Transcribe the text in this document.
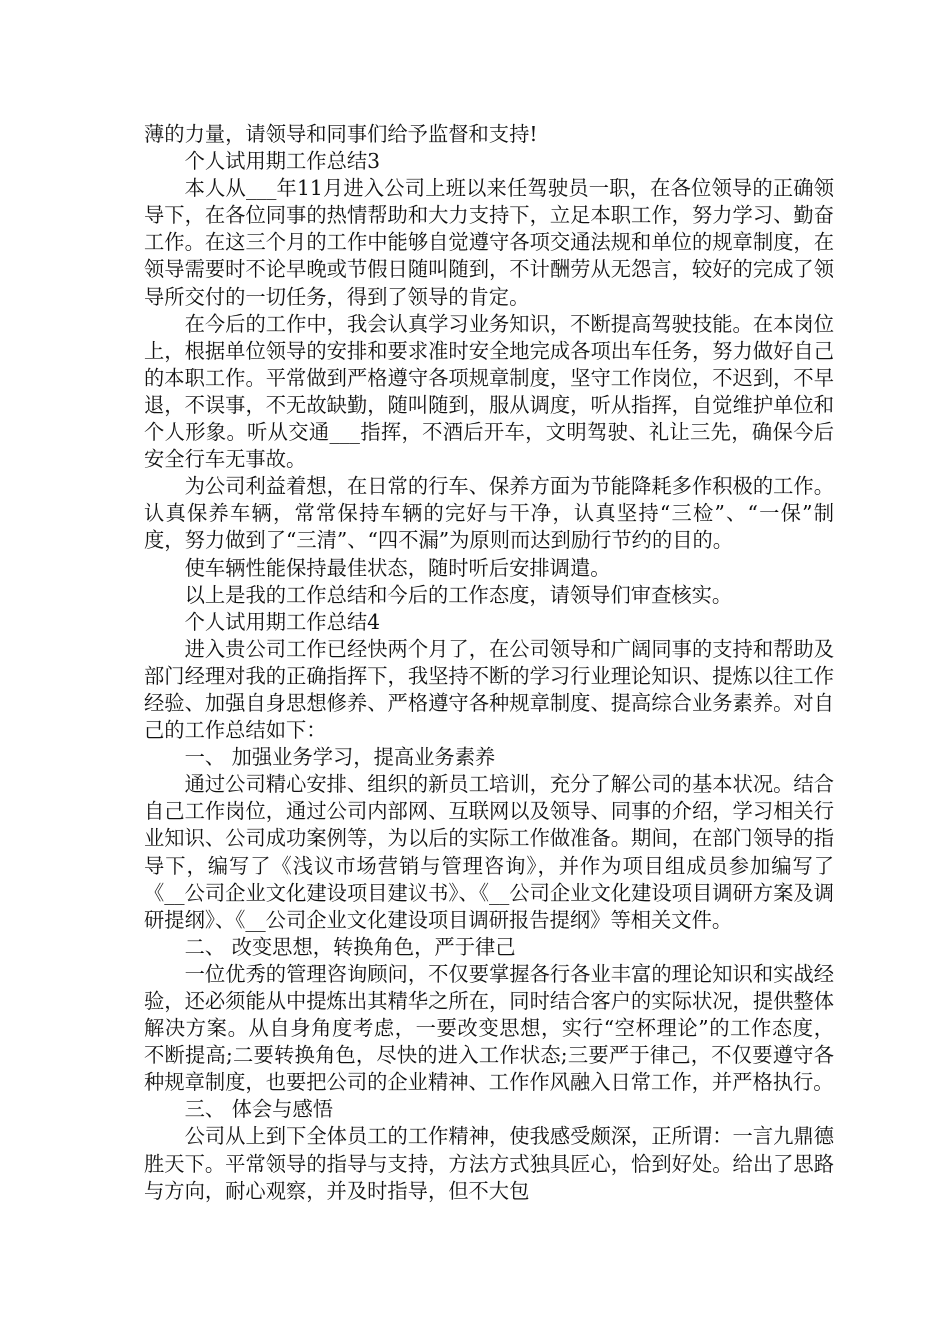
薄的力量，请领导和同事们给予监督和支持!

个人试用期工作总结3

本人从___年11月进入公司上班以来任驾驶员一职，在各位领导的正确领导下，在各位同事的热情帮助和大力支持下，立足本职工作，努力学习、勤奋工作。在这三个月的工作中能够自觉遵守各项交通法规和单位的规章制度，在领导需要时不论早晚或节假日随叫随到，不计酬劳从无怨言，较好的完成了领导所交付的一切任务，得到了领导的肯定。

在今后的工作中，我会认真学习业务知识，不断提高驾驶技能。在本岗位上，根据单位领导的安排和要求准时安全地完成各项出车任务，努力做好自己的本职工作。平常做到严格遵守各项规章制度，坚守工作岗位，不迟到，不早退，不误事，不无故缺勤，随叫随到，服从调度，听从指挥，自觉维护单位和个人形象。听从交通___指挥，不酒后开车，文明驾驶、礼让三先，确保今后安全行车无事故。

为公司利益着想，在日常的行车、保养方面为节能降耗多作积极的工作。认真保养车辆，常常保持车辆的完好与干净，认真坚持“三检”、“一保”制度，努力做到了“三清”、“四不漏”为原则而达到励行节约的目的。

使车辆性能保持最佳状态，随时听后安排调遣。

以上是我的工作总结和今后的工作态度，请领导们审查核实。

个人试用期工作总结4

进入贵公司工作已经快两个月了，在公司领导和广阔同事的支持和帮助及部门经理对我的正确指挥下，我坚持不断的学习行业理论知识、提炼以往工作经验、加强自身思想修养、严格遵守各种规章制度、提高综合业务素养。对自己的工作总结如下：

一、 加强业务学习，提高业务素养

通过公司精心安排、组织的新员工培训，充分了解公司的基本状况。结合自己工作岗位，通过公司内部网、互联网以及领导、同事的介绍，学习相关行业知识、公司成功案例等，为以后的实际工作做准备。期间，在部门领导的指导下，编写了《浅议市场营销与管理咨询》，并作为项目组成员参加编写了《__公司企业文化建设项目建议书》、《__公司企业文化建设项目调研方案及调研提纲》、《__公司企业文化建设项目调研报告提纲》等相关文件。

二、 改变思想，转换角色，严于律己

一位优秀的管理咨询顾问，不仅要掌握各行各业丰富的理论知识和实战经验，还必须能从中提炼出其精华之所在，同时结合客户的实际状况，提供整体解决方案。从自身角度考虑，一要改变思想，实行“空杯理论”的工作态度，不断提高;二要转换角色，尽快的进入工作状态;三要严于律己，不仅要遵守各种规章制度，也要把公司的企业精神、工作作风融入日常工作，并严格执行。

三、 体会与感悟

公司从上到下全体员工的工作精神，使我感受颇深，正所谓：一言九鼎德胜天下。平常领导的指导与支持，方法方式独具匠心，恰到好处。给出了思路与方向，耐心观察，并及时指导，但不大包
